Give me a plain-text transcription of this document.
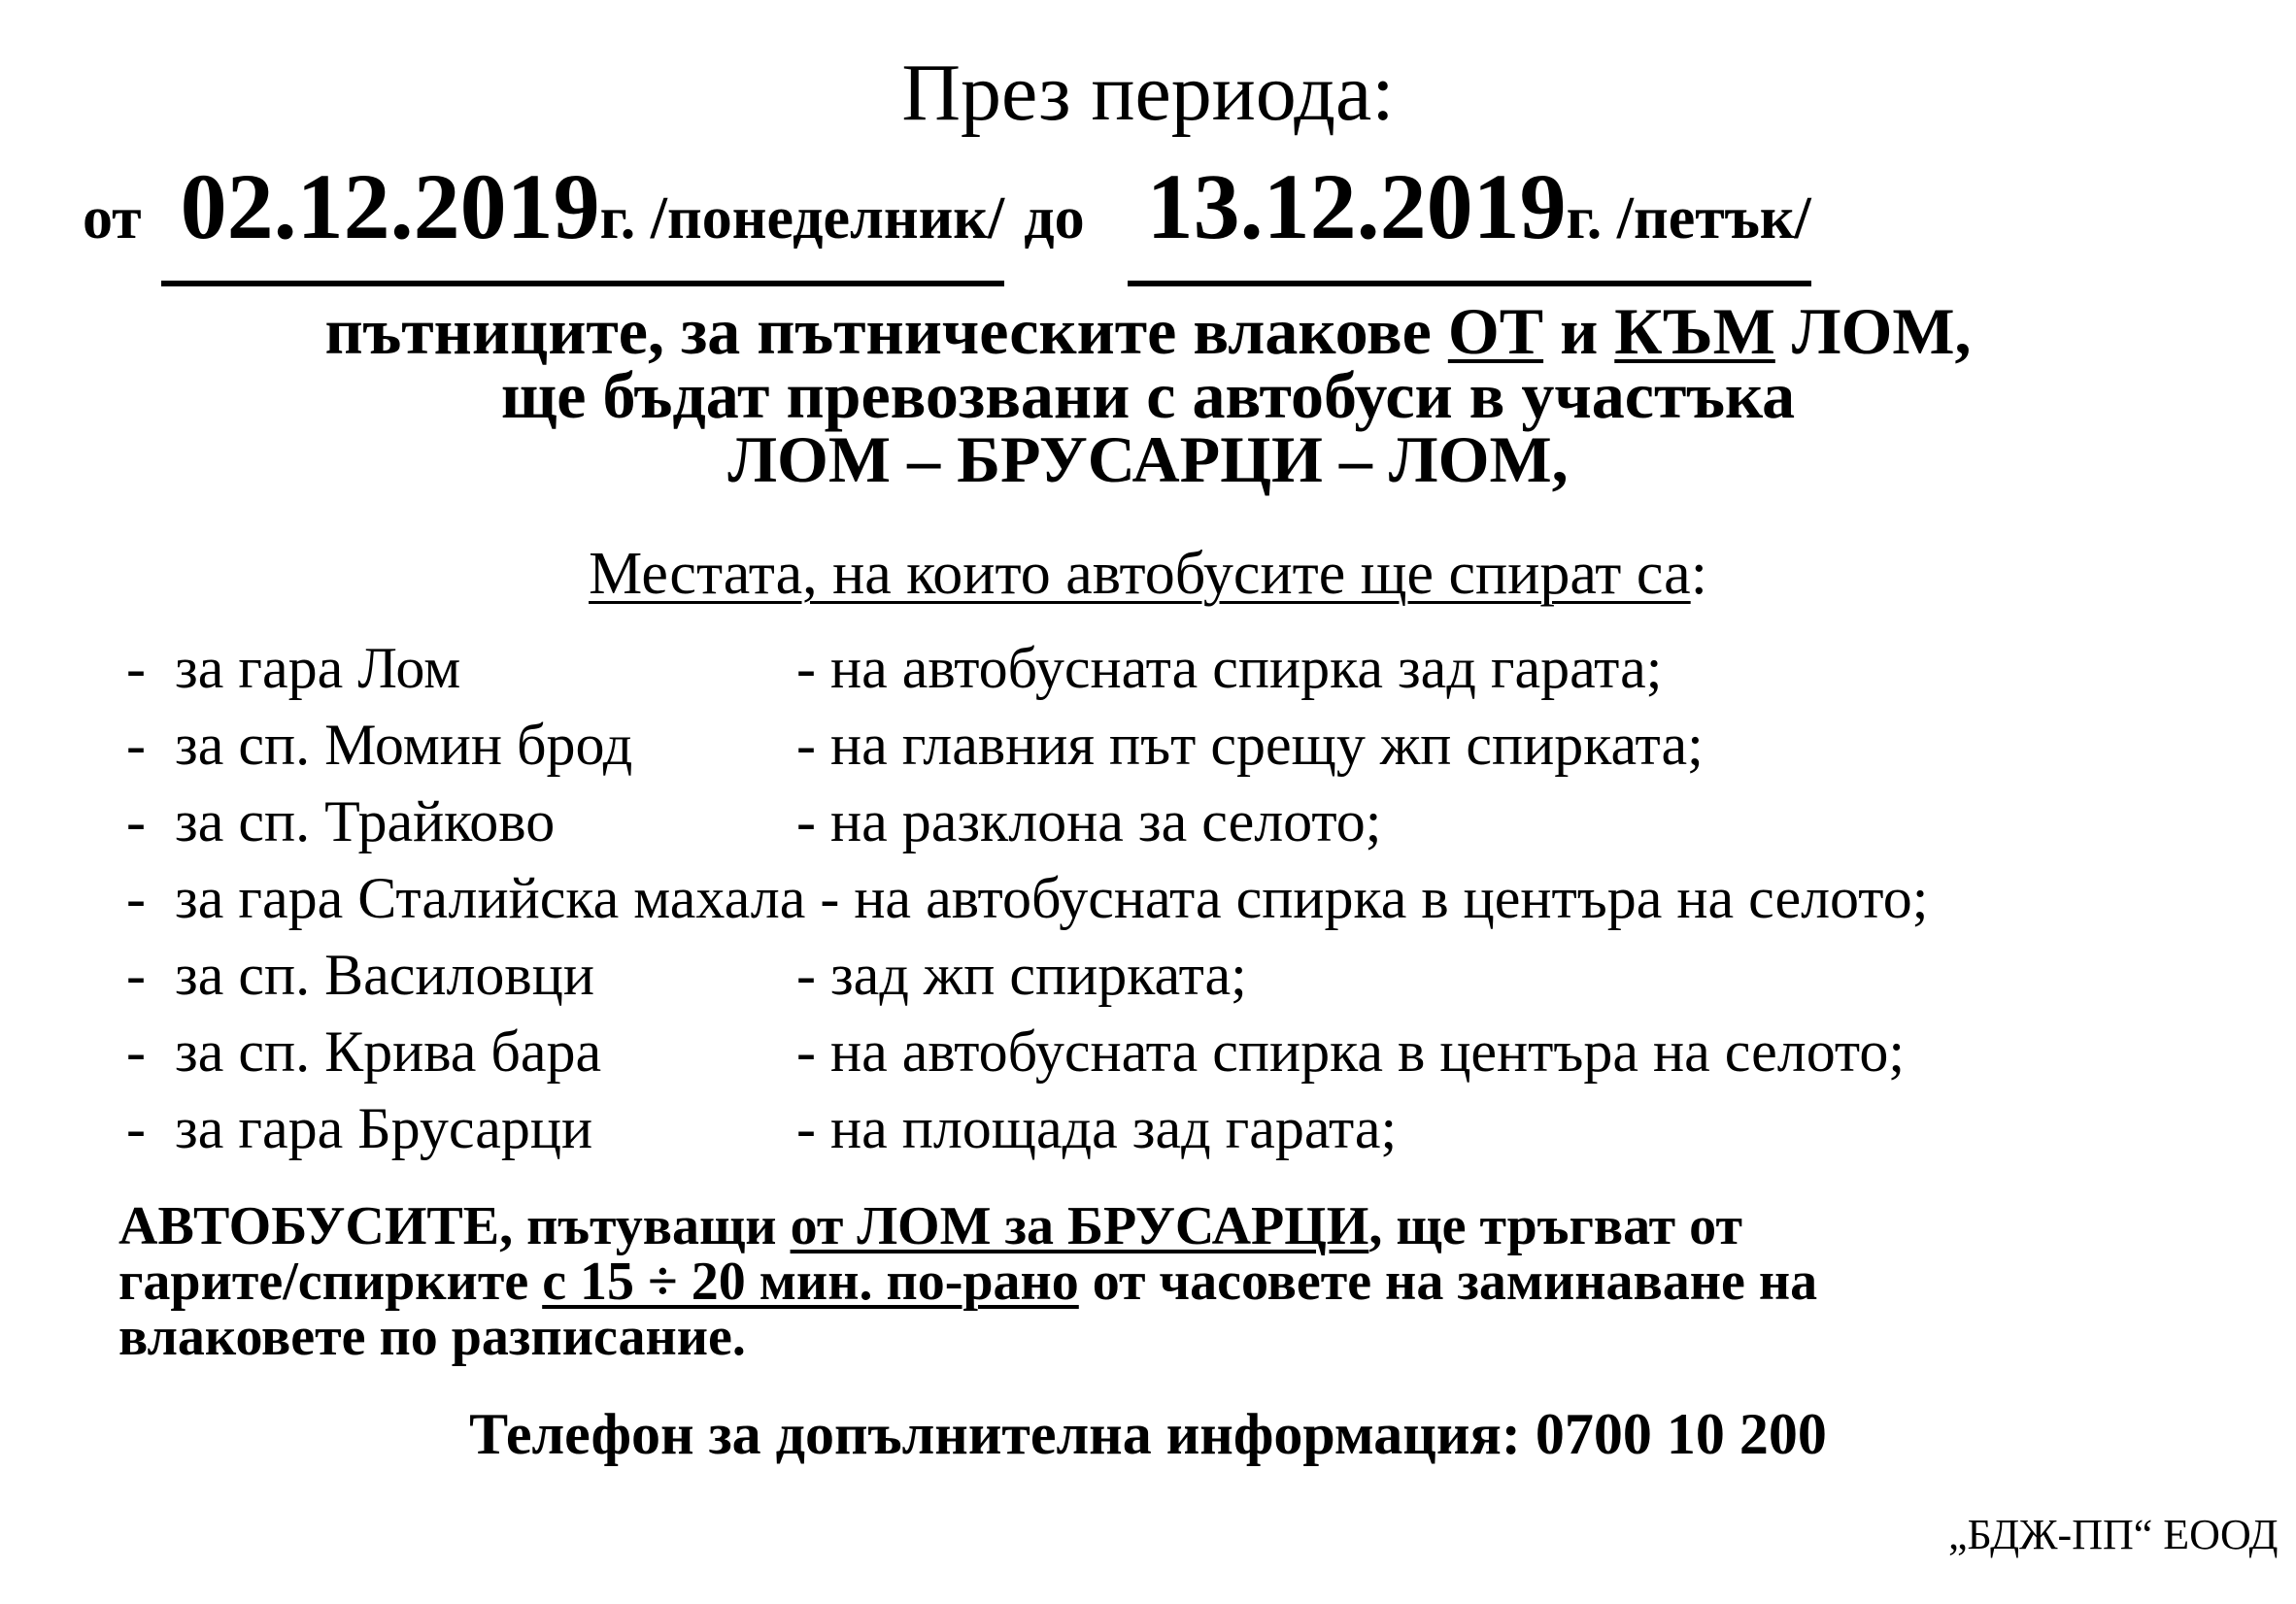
През периода:
от 02.12.2019г. /понеделник/ до 13.12.2019г. /петък/
пътниците, за пътническите влакове ОТ и КЪМ ЛОМ,
ще бъдат превозвани с автобуси в участъка
ЛОМ – БРУСАРЦИ – ЛОМ,
Местата, на които автобусите ще спират са:
- за гара Лом	- на автобусната спирка зад гарата;
- за сп. Момин брод	- на главния път срещу жп спирката;
- за сп. Трайково	- на разклона за селото;
- за гара Сталийска махала - на автобусната спирка в центъра на селото;
- за сп. Василовци	- зад жп спирката;
- за сп. Крива бара	- на автобусната спирка в центъра на селото;
- за гара Брусарци	- на площада зад гарата;
АВТОБУСИТЕ, пътуващи от ЛОМ за БРУСАРЦИ, ще тръгват от
гарите/спирките с 15 ÷ 20 мин. по-рано от часовете на заминаване на
влаковете по разписание.
Телефон за допълнителна информация: 0700 10 200
„БДЖ-ПП“ ЕООД
